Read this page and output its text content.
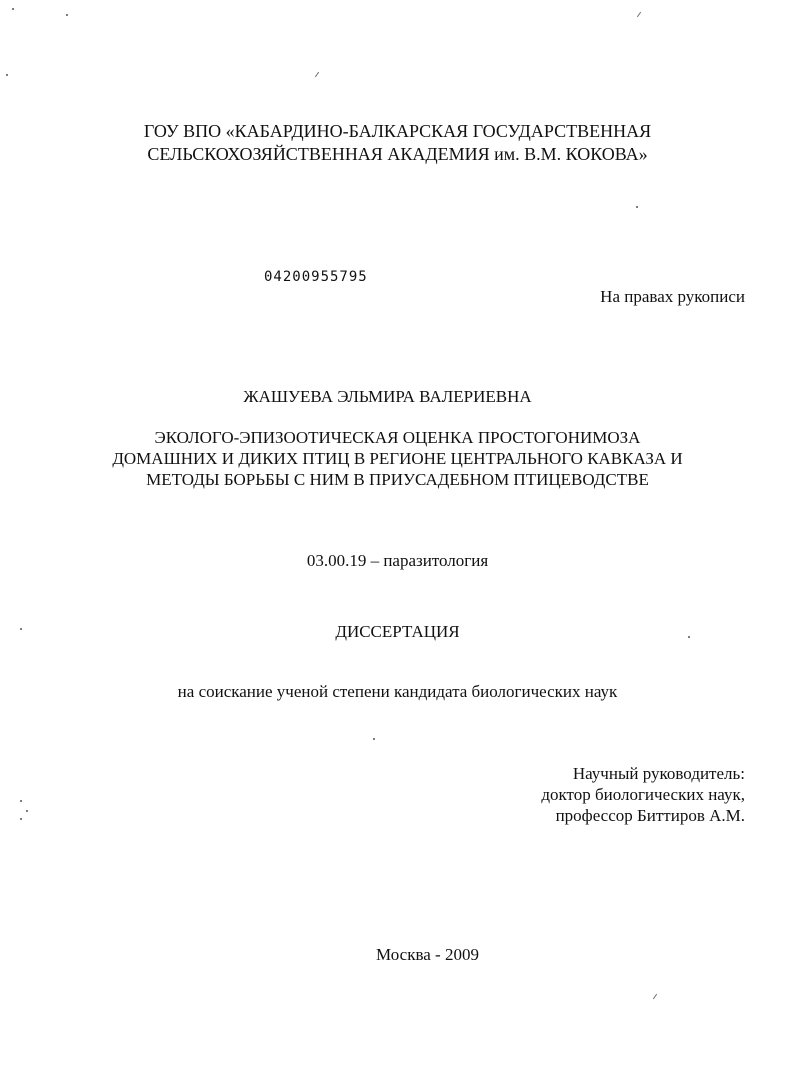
ГОУ ВПО «КАБАРДИНО-БАЛКАРСКАЯ ГОСУДАРСТВЕННАЯ
СЕЛЬСКОХОЗЯЙСТВЕННАЯ АКАДЕМИЯ им. В.М. КОКОВА»
04200955795
На правах рукописи
ЖАШУЕВА ЭЛЬМИРА ВАЛЕРИЕВНА
ЭКОЛОГО-ЭПИЗООТИЧЕСКАЯ ОЦЕНКА ПРОСТОГОНИМОЗА
ДОМАШНИХ И ДИКИХ ПТИЦ В РЕГИОНЕ ЦЕНТРАЛЬНОГО КАВКАЗА И
МЕТОДЫ БОРЬБЫ С НИМ В ПРИУСАДЕБНОМ ПТИЦЕВОДСТВЕ
03.00.19 – паразитология
ДИССЕРТАЦИЯ
на соискание ученой степени кандидата биологических наук
Научный руководитель:
доктор биологических наук,
профессор Биттиров А.М.
Москва - 2009
